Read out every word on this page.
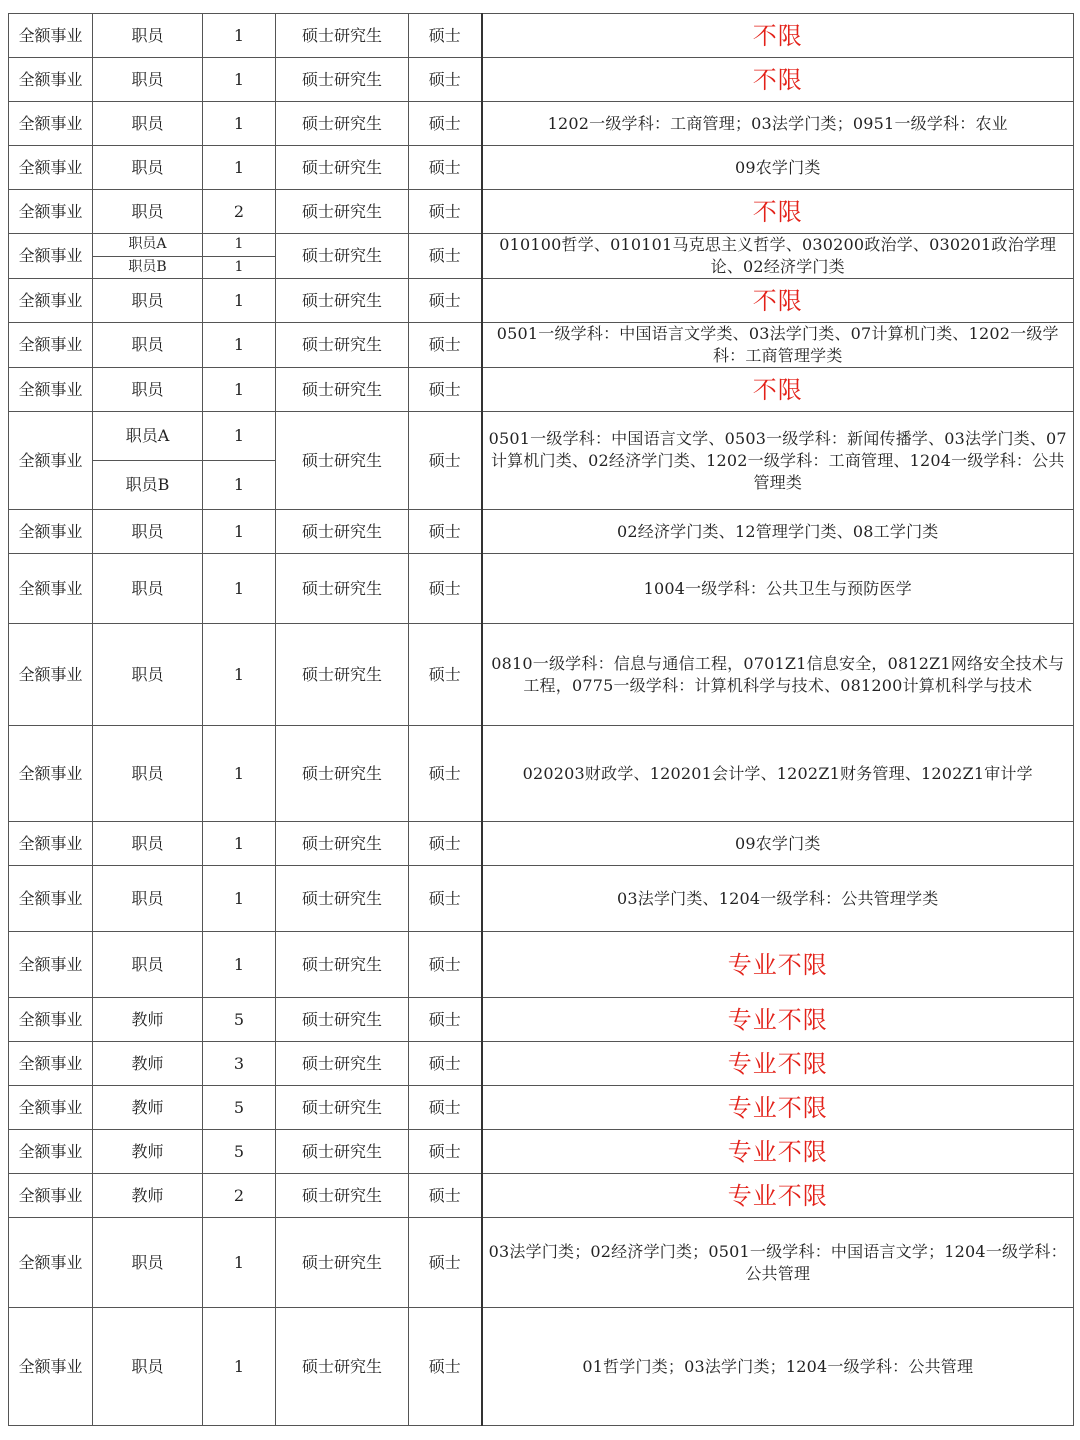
全额事业	职员	1	硕士研究生	硕士	不限

全额事业	职员	1	硕士研究生	硕士	不限

全额事业	职员	1	硕士研究生	硕士	1202一级学科：工商管理；03法学门类；0951一级学科：农业

全额事业	职员	1	硕士研究生	硕士	09农学门类

全额事业	职员	2	硕士研究生	硕士	不限

全额事业	职员A	1	硕士研究生	硕士	010100哲学、010101马克思主义哲学、030200政治学、030201政治学理论、02经济学门类

	职员B	1			
全额事业	职员	1	硕士研究生	硕士	不限

全额事业	职员	1	硕士研究生	硕士	0501一级学科：中国语言文学类、03法学门类、07计算机门类、1202一级学科：工商管理学类

全额事业	职员	1	硕士研究生	硕士	不限

全额事业	职员A	1	硕士研究生	硕士	0501一级学科：中国语言文学、0503一级学科：新闻传播学、03法学门类、07计算机门类、02经济学门类、1202一级学科：工商管理、1204一级学科：公共管理类

	职员B	1			
全额事业	职员	1	硕士研究生	硕士	02经济学门类、12管理学门类、08工学门类

全额事业	职员	1	硕士研究生	硕士	1004一级学科：公共卫生与预防医学

全额事业	职员	1	硕士研究生	硕士	0810一级学科：信息与通信工程，0701Z1信息安全，0812Z1网络安全技术与工程，0775一级学科：计算机科学与技术、081200计算机科学与技术

全额事业	职员	1	硕士研究生	硕士	020203财政学、120201会计学、1202Z1财务管理、1202Z1审计学

全额事业	职员	1	硕士研究生	硕士	09农学门类

全额事业	职员	1	硕士研究生	硕士	03法学门类、1204一级学科：公共管理学类

全额事业	职员	1	硕士研究生	硕士	专业不限

全额事业	教师	5	硕士研究生	硕士	专业不限

全额事业	教师	3	硕士研究生	硕士	专业不限

全额事业	教师	5	硕士研究生	硕士	专业不限

全额事业	教师	5	硕士研究生	硕士	专业不限

全额事业	教师	2	硕士研究生	硕士	专业不限

全额事业	职员	1	硕士研究生	硕士	03法学门类；02经济学门类；0501一级学科：中国语言文学；1204一级学科：公共管理

全额事业	职员	1	硕士研究生	硕士	01哲学门类；03法学门类；1204一级学科：公共管理
